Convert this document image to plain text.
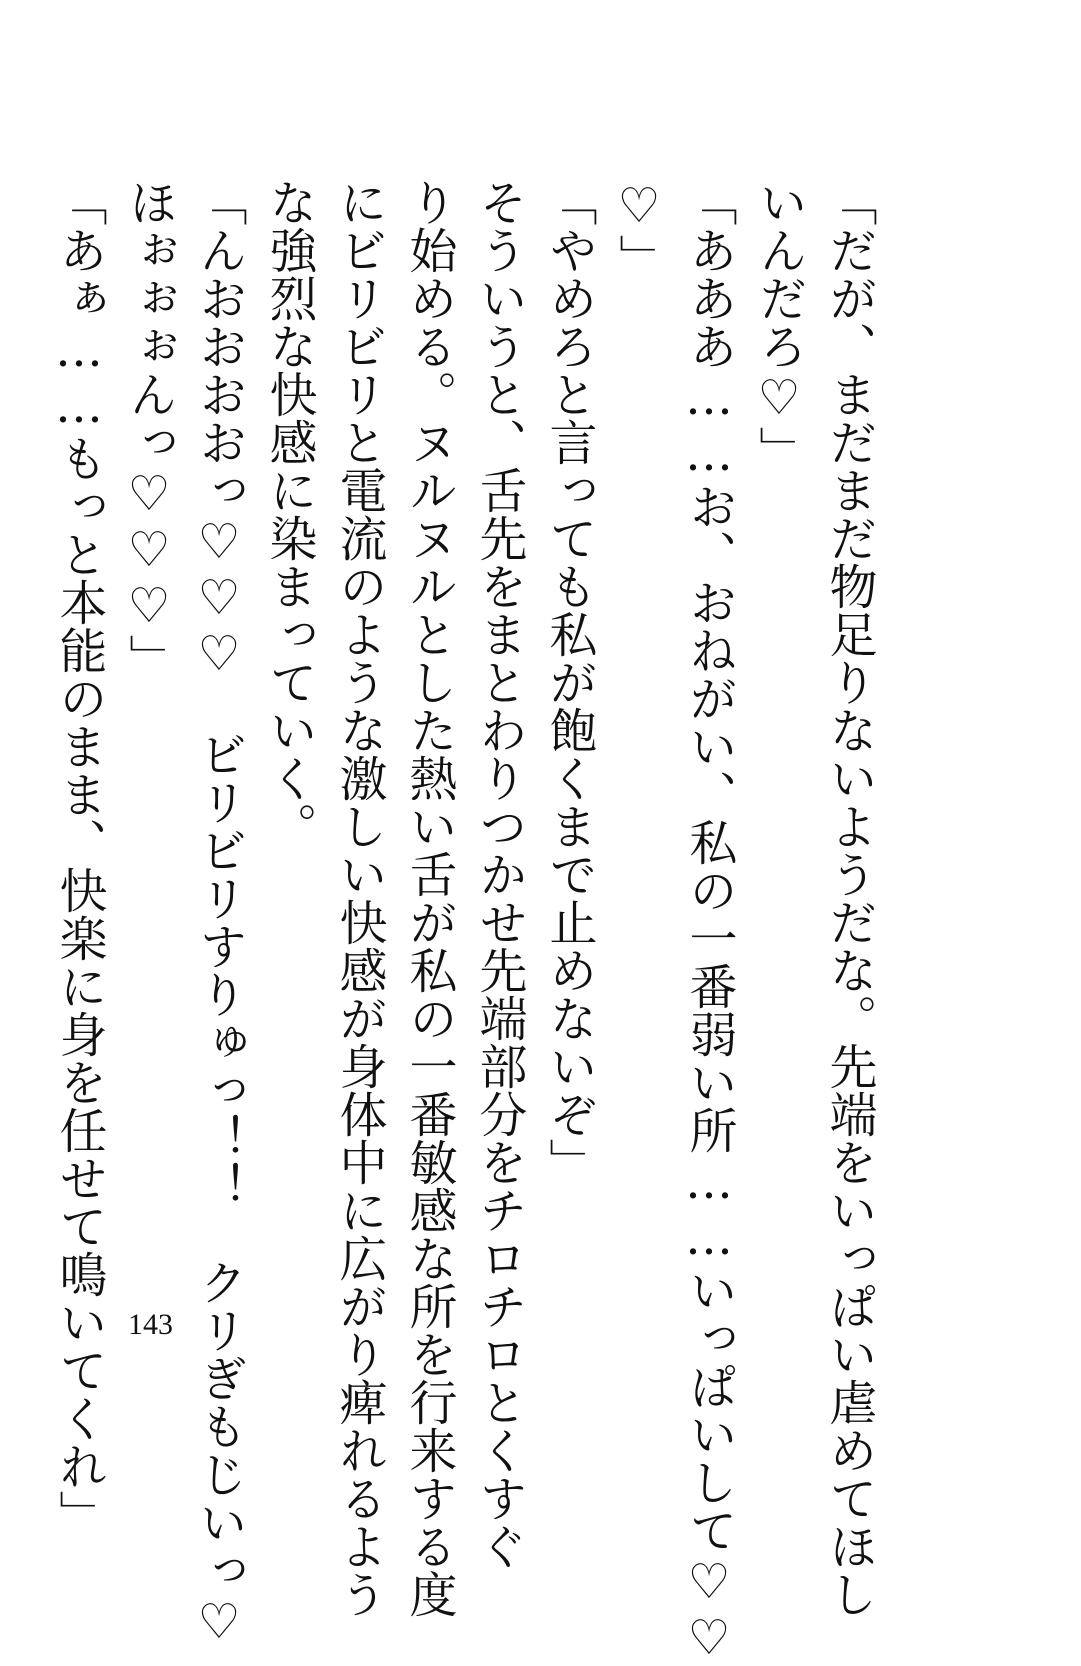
「だが、まだまだ物足りないようだな。先端をいっぱい虐めてほし
いんだろ♡」
「あああ……お、おねがい、私の一番弱い所……いっぱいして♡♡
♡」
「やめろと言っても私が飽くまで止めないぞ」
そういうと、舌先をまとわりつかせ先端部分をチロチロとくすぐ
り始める。ヌルヌルとした熱い舌が私の一番敏感な所を行来する度
にビリビリと電流のような激しい快感が身体中に広がり痺れるよう
な強烈な快感に染まっていく。
「んおおおおっ♡♡♡　ビリビリすりゅっ！！　クリぎもじいっ♡
ほぉぉぉんっ♡♡♡」
「あぁ……もっと本能のまま、快楽に身を任せて鳴いてくれ」 143
